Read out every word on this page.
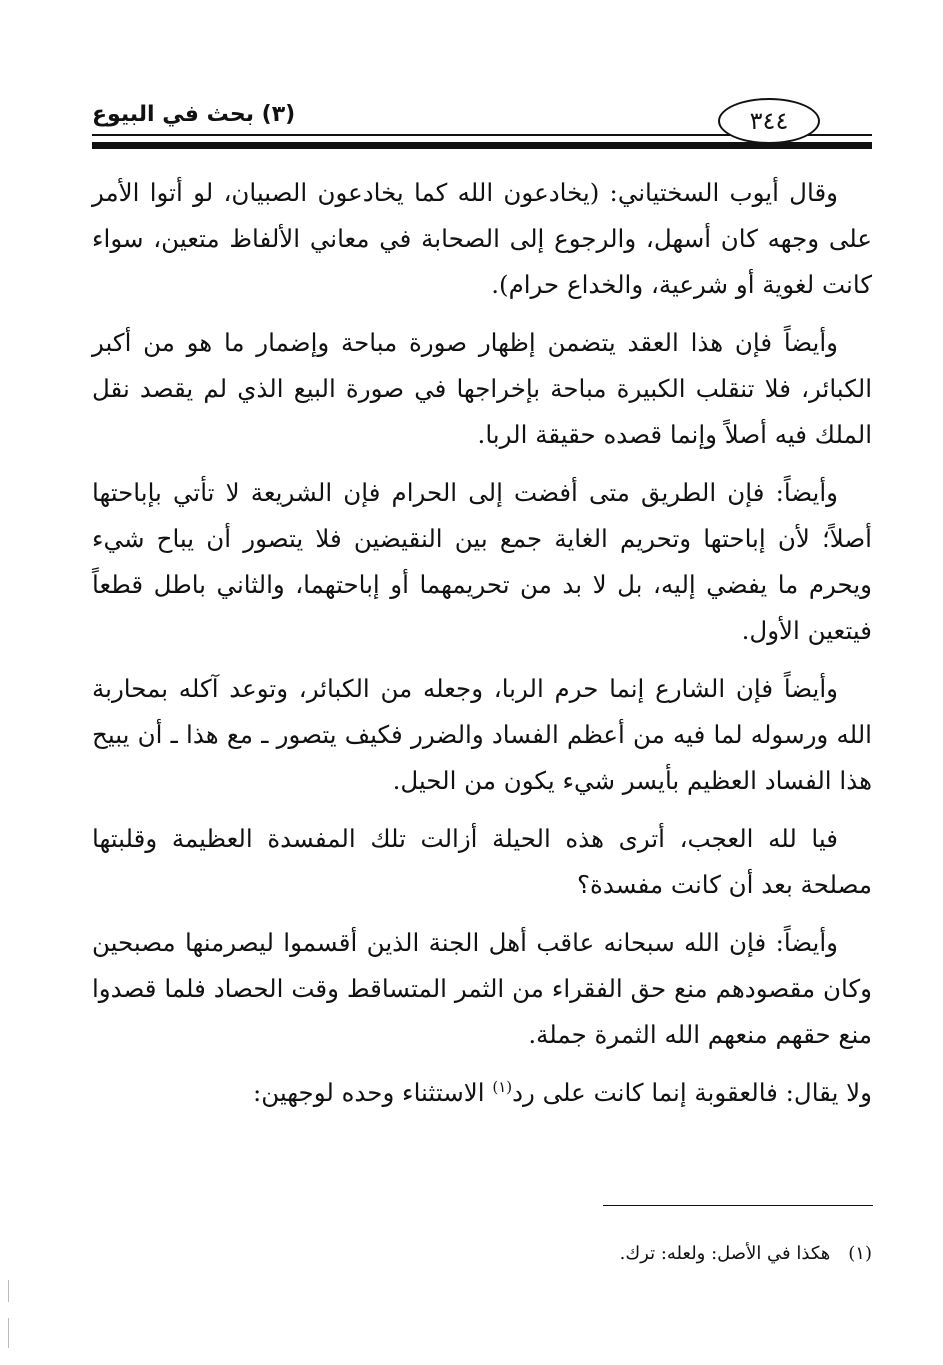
٣٤٤
(٣) بحث في البيوع

وقال أيوب السختياني: (يخادعون الله كما يخادعون الصبيان، لو أتوا الأمر على وجهه كان أسهل، والرجوع إلى الصحابة في معاني الألفاظ متعين، سواء كانت لغوية أو شرعية، والخداع حرام).

وأيضاً فإن هذا العقد يتضمن إظهار صورة مباحة وإضمار ما هو من أكبر الكبائر، فلا تنقلب الكبيرة مباحة بإخراجها في صورة البيع الذي لم يقصد نقل الملك فيه أصلاً وإنما قصده حقيقة الربا.

وأيضاً: فإن الطريق متى أفضت إلى الحرام فإن الشريعة لا تأتي بإباحتها أصلاً؛ لأن إباحتها وتحريم الغاية جمع بين النقيضين فلا يتصور أن يباح شيء ويحرم ما يفضي إليه، بل لا بد من تحريمهما أو إباحتهما، والثاني باطل قطعاً فيتعين الأول.

وأيضاً فإن الشارع إنما حرم الربا، وجعله من الكبائر، وتوعد آكله بمحاربة الله ورسوله لما فيه من أعظم الفساد والضرر فكيف يتصور ـ مع هذا ـ أن يبيح هذا الفساد العظيم بأيسر شيء يكون من الحيل.

فيا لله العجب، أترى هذه الحيلة أزالت تلك المفسدة العظيمة وقلبتها مصلحة بعد أن كانت مفسدة؟

وأيضاً: فإن الله سبحانه عاقب أهل الجنة الذين أقسموا ليصرمنها مصبحين وكان مقصودهم منع حق الفقراء من الثمر المتساقط وقت الحصاد فلما قصدوا منع حقهم منعهم الله الثمرة جملة.

ولا يقال: فالعقوبة إنما كانت على رد$^{(١)}$ الاستثناء وحده لوجهين:

(١)هكذا في الأصل: ولعله: ترك.
